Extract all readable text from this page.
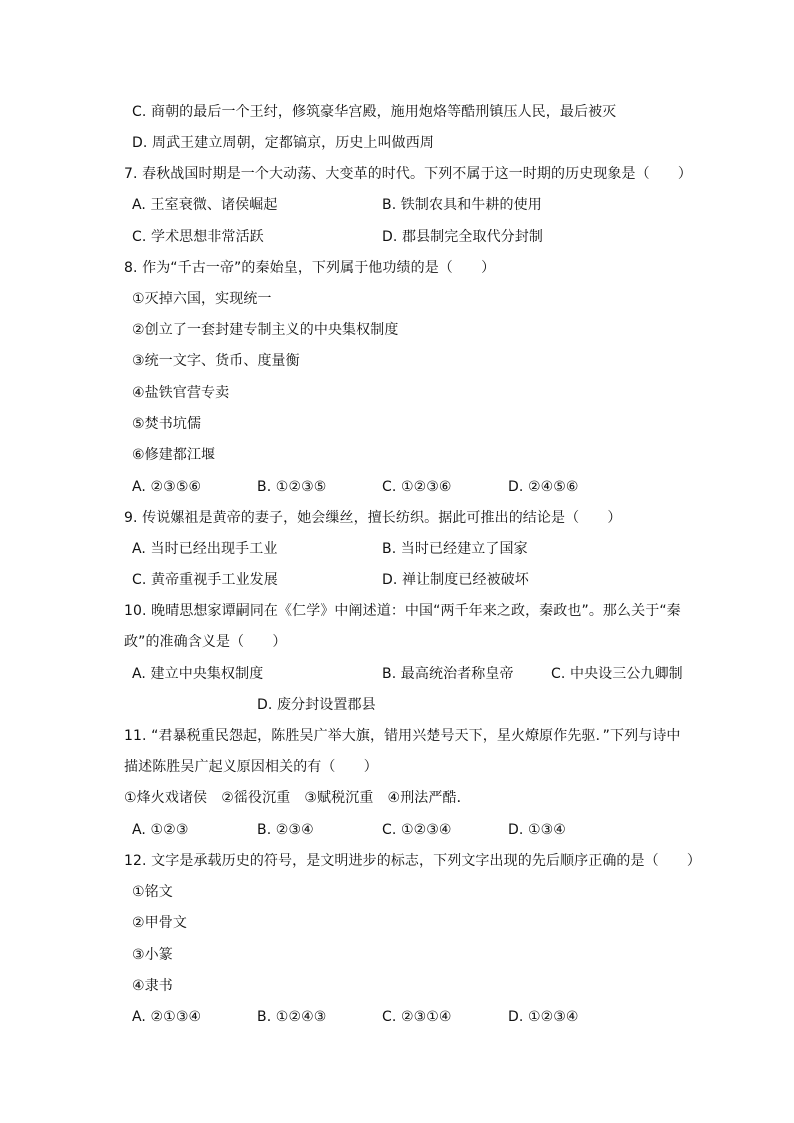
C. 商朝的最后一个王纣，修筑豪华宫殿，施用炮烙等酷刑镇压人民，最后被灭
D. 周武王建立周朝，定都镐京，历史上叫做西周
7. 春秋战国时期是一个大动荡、大变革的时代。下列不属于这一时期的历史现象是（　　）
A. 王室衰微、诸侯崛起	B. 铁制农具和牛耕的使用
C. 学术思想非常活跃	D. 郡县制完全取代分封制
8. 作为“千古一帝”的秦始皇，下列属于他功绩的是（　　）
①灭掉六国，实现统一
②创立了一套封建专制主义的中央集权制度
③统一文字、货币、度量衡
④盐铁官营专卖
⑤焚书坑儒
⑥修建都江堰
A. ②③⑤⑥	B. ①②③⑤	C. ①②③⑥	D. ②④⑤⑥
9. 传说嫘祖是黄帝的妻子，她会缫丝，擅长纺织。据此可推出的结论是（　　）
A. 当时已经出现手工业	B. 当时已经建立了国家
C. 黄帝重视手工业发展	D. 禅让制度已经被破坏
10. 晚晴思想家谭嗣同在《仁学》中阐述道：中国“两千年来之政，秦政也”。那么关于“秦
政”的准确含义是（　　）
A. 建立中央集权制度	B. 最高统治者称皇帝	C. 中央设三公九卿制
D. 废分封设置郡县
11. “君暴税重民怨起，陈胜吴广举大旗，错用兴楚号天下，星火燎原作先驱．”下列与诗中
描述陈胜吴广起义原因相关的有（　　）
①烽火戏诸侯　②徭役沉重　③赋税沉重　④刑法严酷．
A. ①②③	B. ②③④	C. ①②③④	D. ①③④
12. 文字是承载历史的符号，是文明进步的标志，下列文字出现的先后顺序正确的是（　　）
①铭文
②甲骨文
③小篆
④隶书
A. ②①③④	B. ①②④③	C. ②③①④	D. ①②③④
